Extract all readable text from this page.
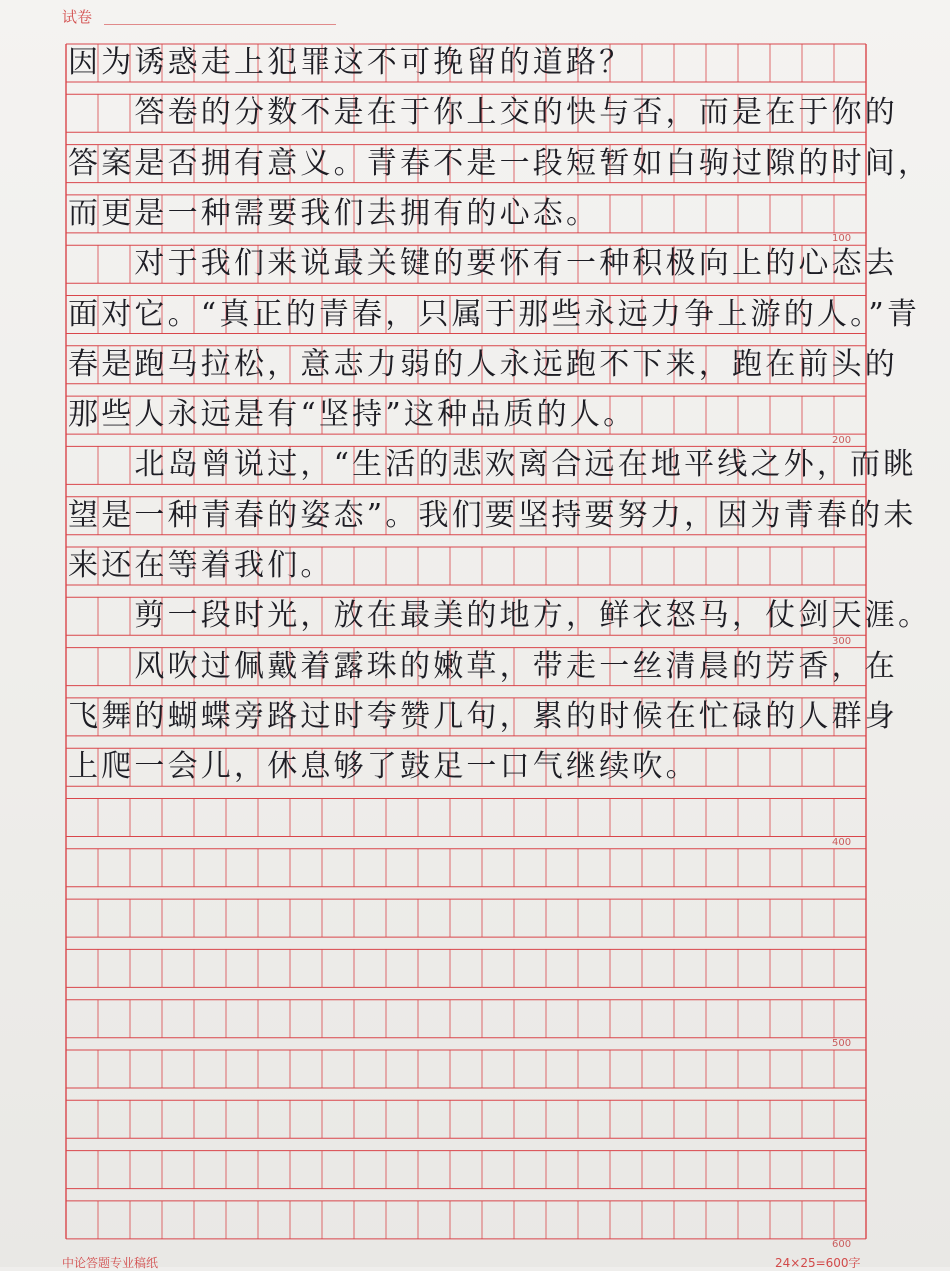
试卷
100
200
300
400
500
600
因为诱惑走上犯罪这不可挽留的道路？
　　答卷的分数不是在于你上交的快与否，而是在于你的
答案是否拥有意义。青春不是一段短暂如白驹过隙的时间，
而更是一种需要我们去拥有的心态。
　　对于我们来说最关键的要怀有一种积极向上的心态去
面对它。“真正的青春，只属于那些永远力争上游的人。”青
春是跑马拉松，意志力弱的人永远跑不下来，跑在前头的
那些人永远是有“坚持”这种品质的人。
　　北岛曾说过，“生活的悲欢离合远在地平线之外，而眺
望是一种青春的姿态”。我们要坚持要努力，因为青春的未
来还在等着我们。
　　剪一段时光，放在最美的地方，鲜衣怒马，仗剑天涯。
　　风吹过佩戴着露珠的嫩草，带走一丝清晨的芳香，在
飞舞的蝴蝶旁路过时夸赞几句，累的时候在忙碌的人群身
上爬一会儿，休息够了鼓足一口气继续吹。
中论答题专业稿纸	24×25=600字
